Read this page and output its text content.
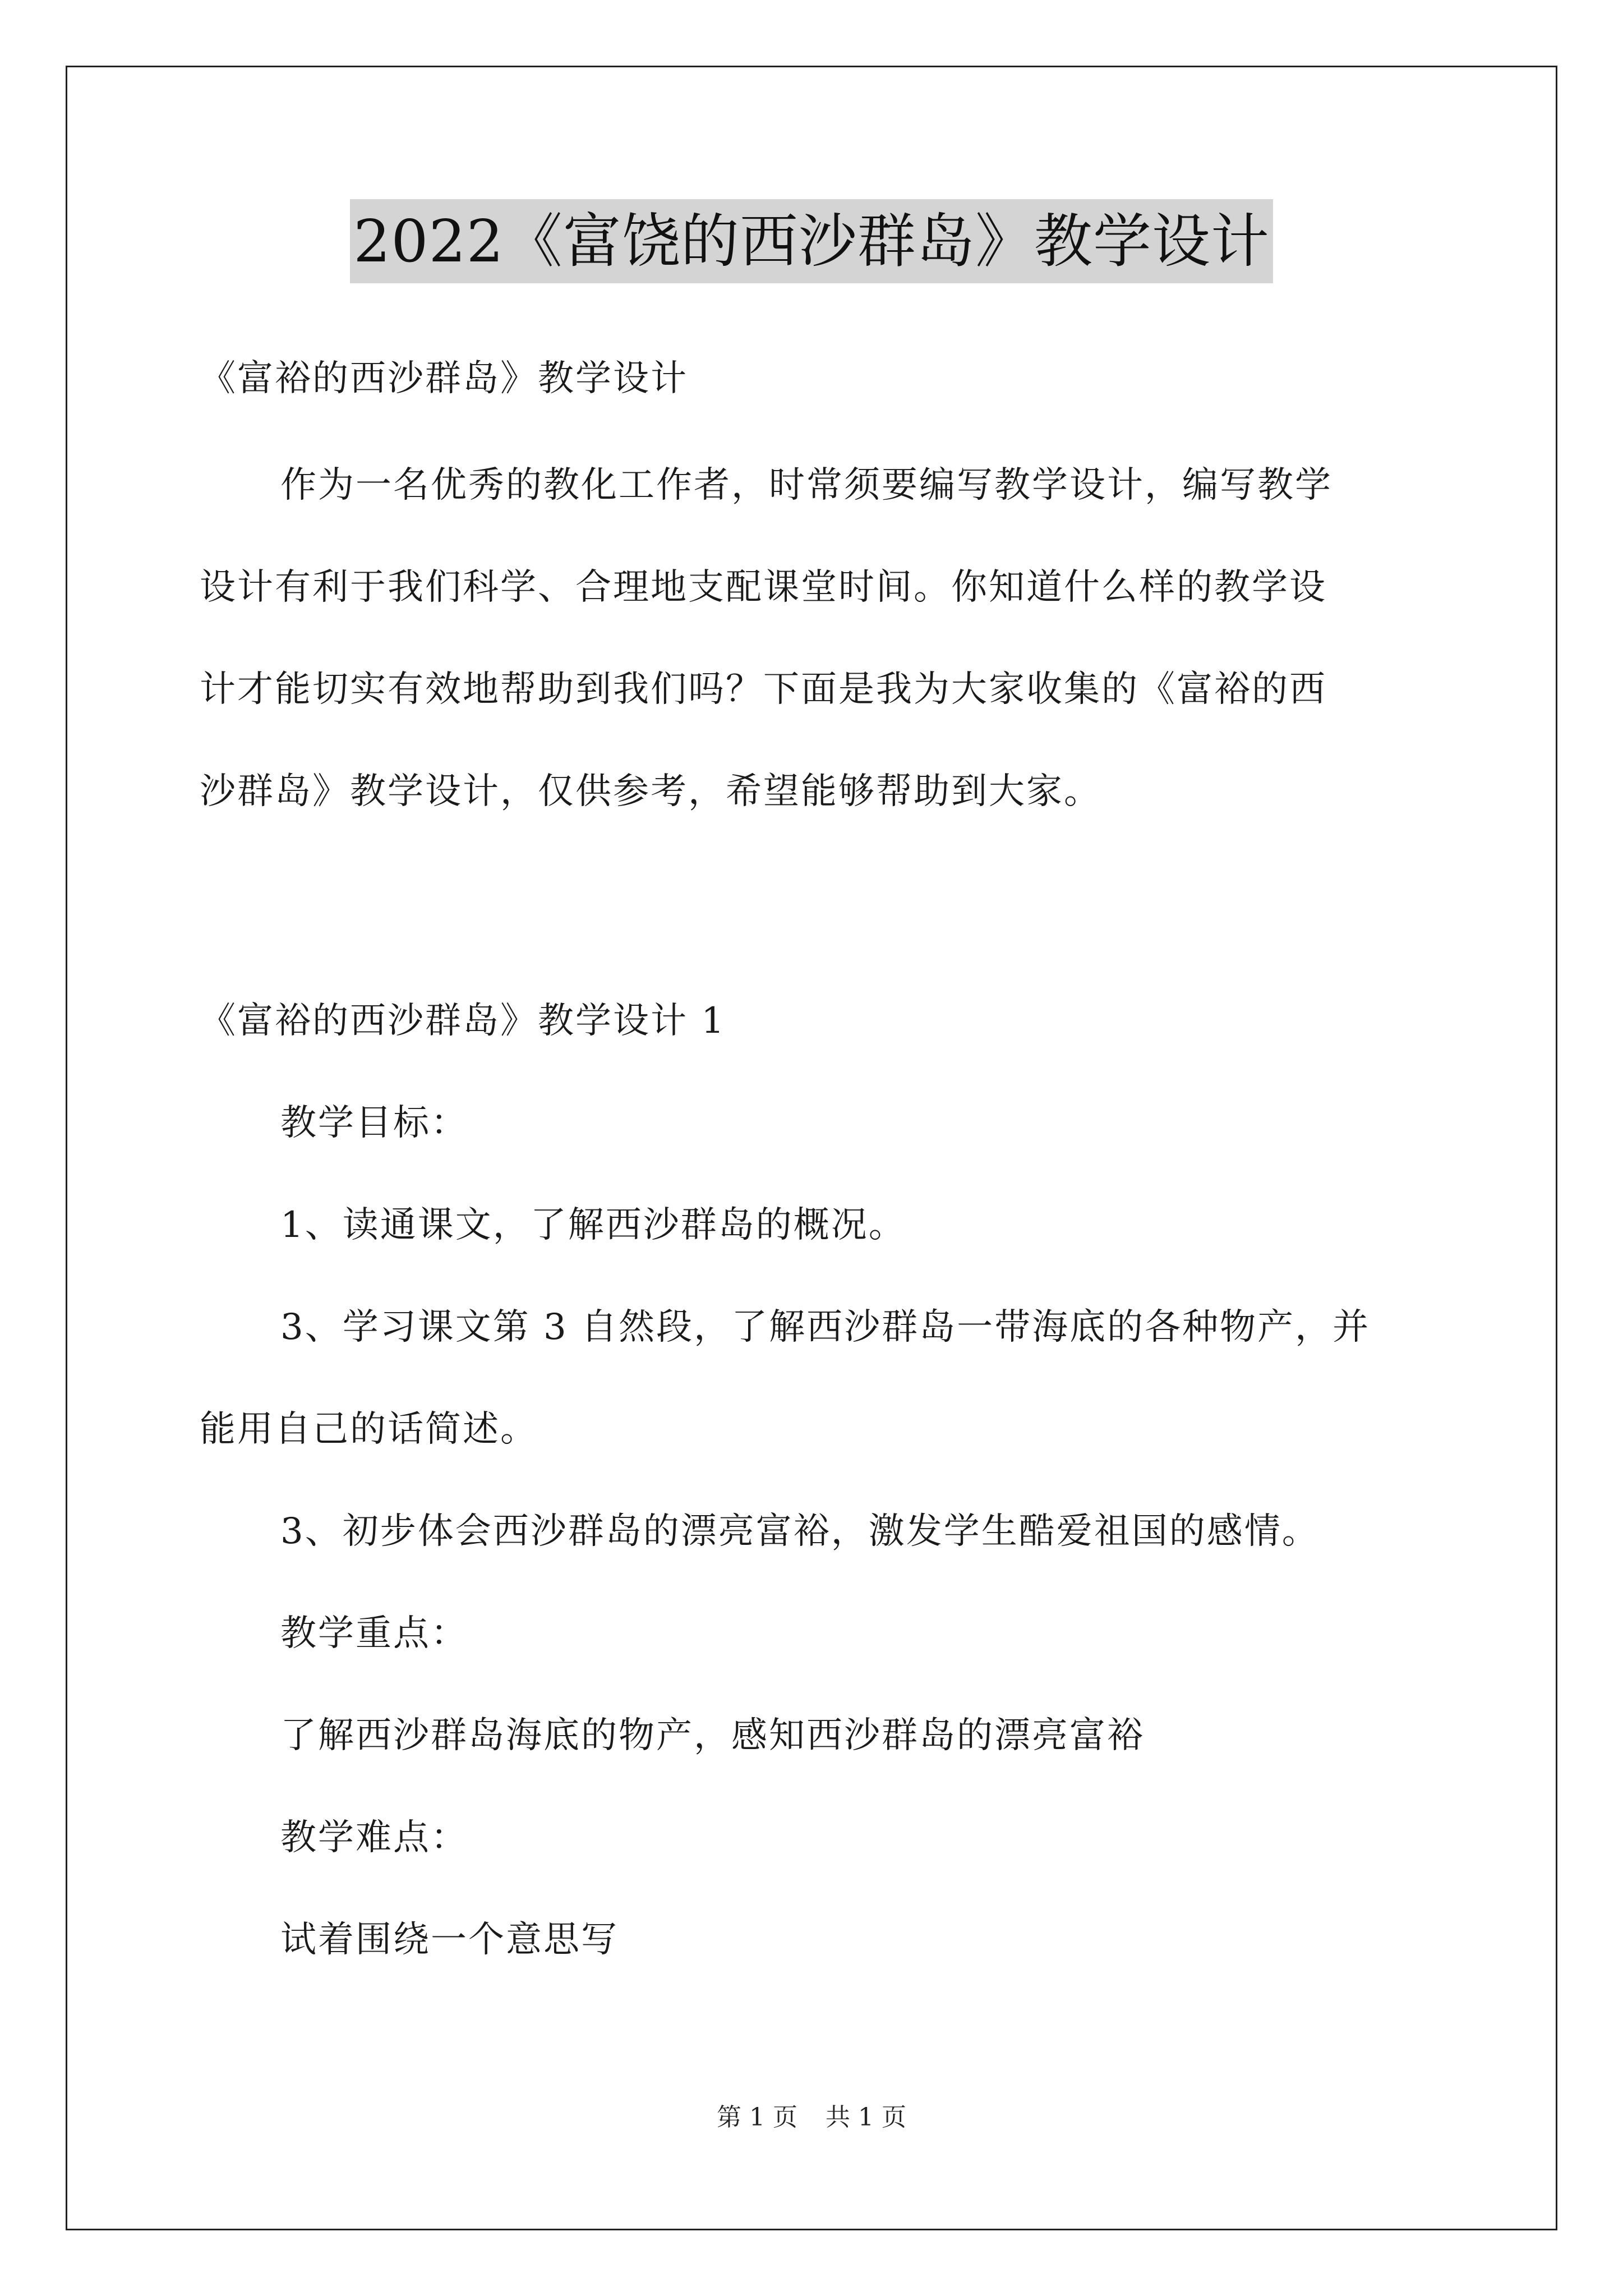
2022《富饶的西沙群岛》教学设计
《富裕的西沙群岛》教学设计
作为一名优秀的教化工作者，时常须要编写教学设计，编写教学
设计有利于我们科学、合理地支配课堂时间。你知道什么样的教学设
计才能切实有效地帮助到我们吗？下面是我为大家收集的《富裕的西
沙群岛》教学设计，仅供参考，希望能够帮助到大家。
《富裕的西沙群岛》教学设计 1
教学目标：
1、读通课文，了解西沙群岛的概况。
3、学习课文第 3 自然段，了解西沙群岛一带海底的各种物产，并
能用自己的话简述。
3、初步体会西沙群岛的漂亮富裕，激发学生酷爱祖国的感情。
教学重点：
了解西沙群岛海底的物产，感知西沙群岛的漂亮富裕
教学难点：
试着围绕一个意思写
第 1 页 共 1 页
